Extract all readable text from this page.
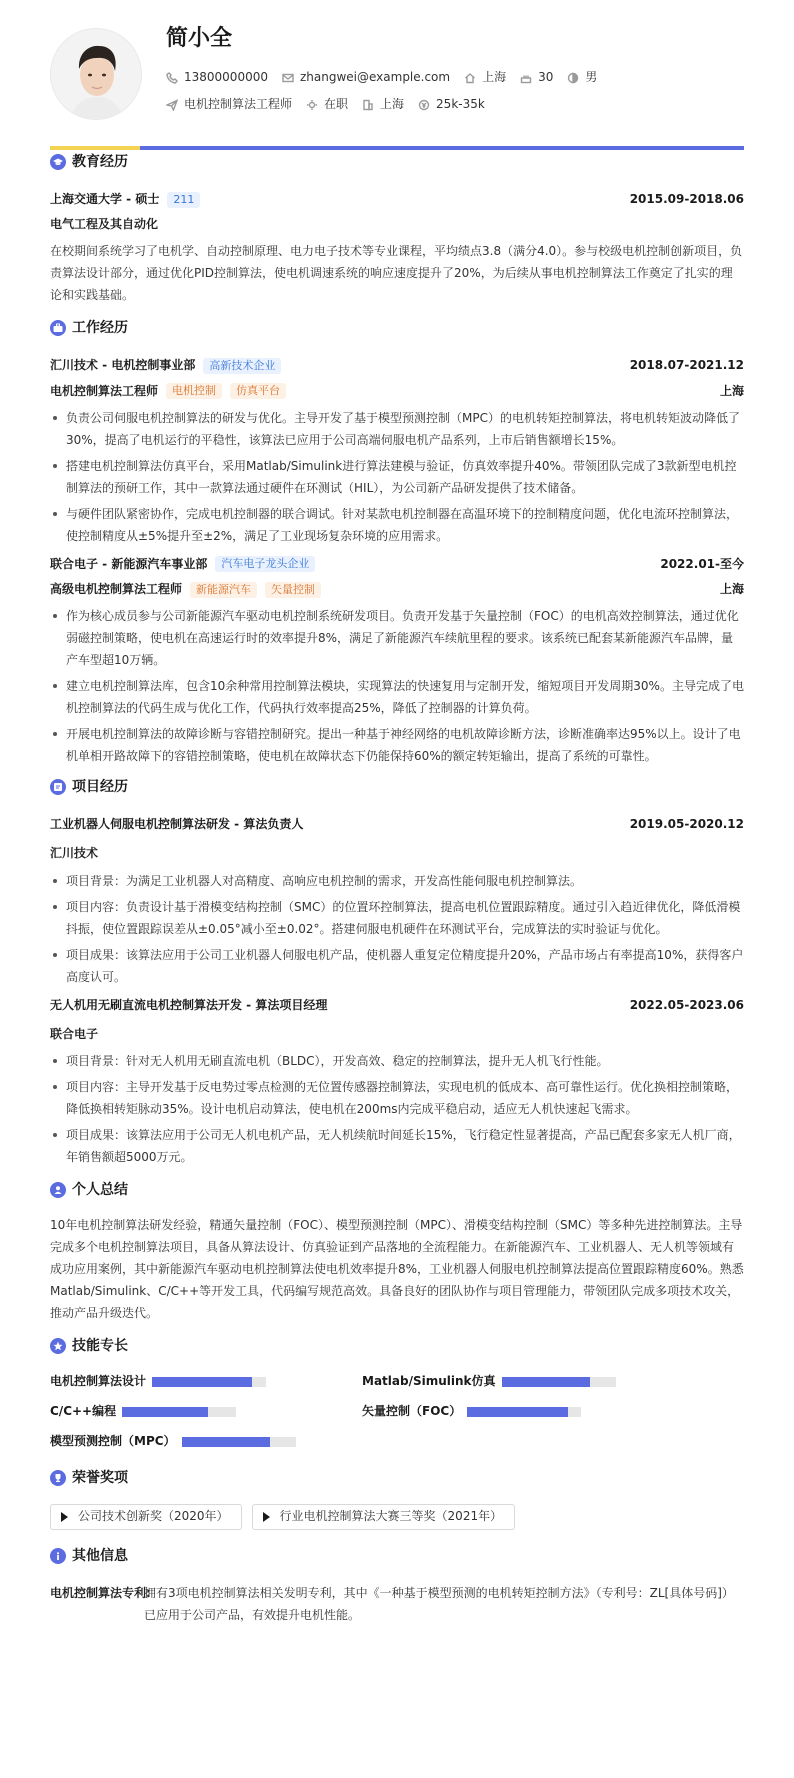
简小全
13800000000	zhangwei@example.com	上海	30	男
电机控制算法工程师	在职	上海	25k-35k
教育经历
上海交通大学 - 硕士	211	2015.09-2018.06
电气工程及其自动化
在校期间系统学习了电机学、自动控制原理、电力电子技术等专业课程，平均绩点3.8（满分4.0）。参与校级电机控制创新项目，负责算法设计部分，通过优化PID控制算法，使电机调速系统的响应速度提升了20%，为后续从事电机控制算法工作奠定了扎实的理论和实践基础。
工作经历
汇川技术 - 电机控制事业部	高新技术企业	2018.07-2021.12
电机控制算法工程师	电机控制	仿真平台	上海
负责公司伺服电机控制算法的研发与优化。主导开发了基于模型预测控制（MPC）的电机转矩控制算法，将电机转矩波动降低了30%，提高了电机运行的平稳性，该算法已应用于公司高端伺服电机产品系列，上市后销售额增长15%。
搭建电机控制算法仿真平台，采用Matlab/Simulink进行算法建模与验证，仿真效率提升40%。带领团队完成了3款新型电机控制算法的预研工作，其中一款算法通过硬件在环测试（HIL），为公司新产品研发提供了技术储备。
与硬件团队紧密协作，完成电机控制器的联合调试。针对某款电机控制器在高温环境下的控制精度问题，优化电流环控制算法，使控制精度从±5%提升至±2%，满足了工业现场复杂环境的应用需求。
联合电子 - 新能源汽车事业部	汽车电子龙头企业	2022.01-至今
高级电机控制算法工程师	新能源汽车	矢量控制	上海
作为核心成员参与公司新能源汽车驱动电机控制系统研发项目。负责开发基于矢量控制（FOC）的电机高效控制算法，通过优化弱磁控制策略，使电机在高速运行时的效率提升8%，满足了新能源汽车续航里程的要求。该系统已配套某新能源汽车品牌，量产车型超10万辆。
建立电机控制算法库，包含10余种常用控制算法模块，实现算法的快速复用与定制开发，缩短项目开发周期30%。主导完成了电机控制算法的代码生成与优化工作，代码执行效率提高25%，降低了控制器的计算负荷。
开展电机控制算法的故障诊断与容错控制研究。提出一种基于神经网络的电机故障诊断方法，诊断准确率达95%以上。设计了电机单相开路故障下的容错控制策略，使电机在故障状态下仍能保持60%的额定转矩输出，提高了系统的可靠性。
项目经历
工业机器人伺服电机控制算法研发 - 算法负责人	2019.05-2020.12
汇川技术
项目背景：为满足工业机器人对高精度、高响应电机控制的需求，开发高性能伺服电机控制算法。
项目内容：负责设计基于滑模变结构控制（SMC）的位置环控制算法，提高电机位置跟踪精度。通过引入趋近律优化，降低滑模抖振，使位置跟踪误差从±0.05°减小至±0.02°。搭建伺服电机硬件在环测试平台，完成算法的实时验证与优化。
项目成果：该算法应用于公司工业机器人伺服电机产品，使机器人重复定位精度提升20%，产品市场占有率提高10%，获得客户高度认可。
无人机用无刷直流电机控制算法开发 - 算法项目经理	2022.05-2023.06
联合电子
项目背景：针对无人机用无刷直流电机（BLDC），开发高效、稳定的控制算法，提升无人机飞行性能。
项目内容：主导开发基于反电势过零点检测的无位置传感器控制算法，实现电机的低成本、高可靠性运行。优化换相控制策略，降低换相转矩脉动35%。设计电机启动算法，使电机在200ms内完成平稳启动，适应无人机快速起飞需求。
项目成果：该算法应用于公司无人机电机产品，无人机续航时间延长15%，飞行稳定性显著提高，产品已配套多家无人机厂商，年销售额超5000万元。
个人总结
10年电机控制算法研发经验，精通矢量控制（FOC）、模型预测控制（MPC）、滑模变结构控制（SMC）等多种先进控制算法。主导完成多个电机控制算法项目，具备从算法设计、仿真验证到产品落地的全流程能力。在新能源汽车、工业机器人、无人机等领域有成功应用案例，其中新能源汽车驱动电机控制算法使电机效率提升8%，工业机器人伺服电机控制算法提高位置跟踪精度60%。熟悉Matlab/Simulink、C/C++等开发工具，代码编写规范高效。具备良好的团队协作与项目管理能力，带领团队完成多项技术攻关，推动产品升级迭代。
技能专长
电机控制算法设计	Matlab/Simulink仿真
C/C++编程	矢量控制（FOC）
模型预测控制（MPC）
荣誉奖项
公司技术创新奖（2020年）	行业电机控制算法大赛三等奖（2021年）
其他信息
电机控制算法专利:
拥有3项电机控制算法相关发明专利，其中《一种基于模型预测的电机转矩控制方法》（专利号：ZL[具体号码]）已应用于公司产品，有效提升电机性能。
